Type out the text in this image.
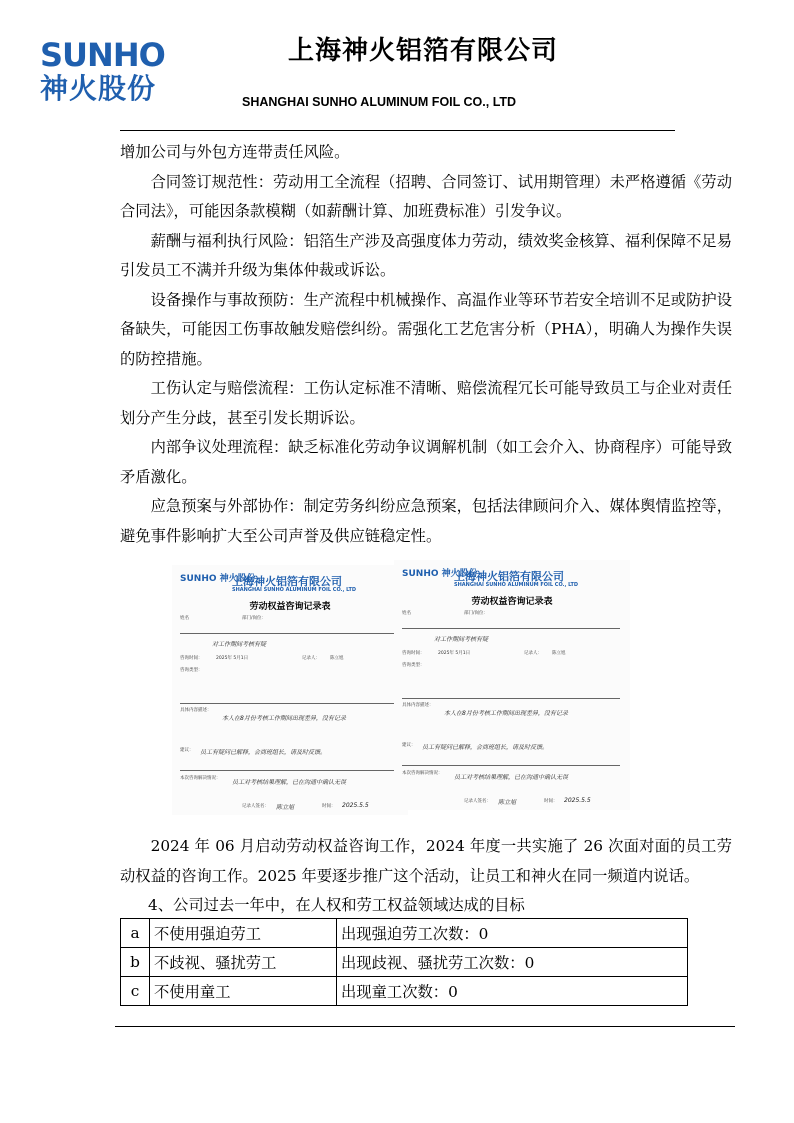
SUNHO
神火股份
上海神火铝箔有限公司
SHANGHAI SUNHO ALUMINUM FOIL CO., LTD

增加公司与外包方连带责任风险。

合同签订规范性：劳动用工全流程（招聘、合同签订、试用期管理）未严格遵循《劳动合同法》，可能因条款模糊（如薪酬计算、加班费标准）引发争议。

薪酬与福利执行风险：铝箔生产涉及高强度体力劳动，绩效奖金核算、福利保障不足易引发员工不满并升级为集体仲裁或诉讼。

设备操作与事故预防：生产流程中机械操作、高温作业等环节若安全培训不足或防护设备缺失，可能因工伤事故触发赔偿纠纷。需强化工艺危害分析（PHA），明确人为操作失误的防控措施。

工伤认定与赔偿流程：工伤认定标准不清晰、赔偿流程冗长可能导致员工与企业对责任划分产生分歧，甚至引发长期诉讼。

内部争议处理流程：缺乏标准化劳动争议调解机制（如工会介入、协商程序）可能导致矛盾激化。

应急预案与外部协作：制定劳务纠纷应急预案，包括法律顾问介入、媒体舆情监控等，避免事件影响扩大至公司声誉及供应链稳定性。

SUNHO 神火股份
上海神火铝箔有限公司
SHANGHAI SUNHO ALUMINUM FOIL CO., LTD
劳动权益咨询记录表
姓名	部门/岗位：
对工作期间考核有疑
咨询时间：	2025年 5月1日	记录人： 陈立旭
咨询类型：
具体内容描述：
本人在8月份考核工作期间出现差异，没有记录
建议： 员工有疑问已解释，会商班组长，请及时反馈。
本次咨询解决情况：
员工对考核结果理解，已在沟通中确认无误
记录人签名： 陈立旭	时间： 2025.5.5
SUNHO 神火股份
上海神火铝箔有限公司
SHANGHAI SUNHO ALUMINUM FOIL CO., LTD
劳动权益咨询记录表
姓名	部门/岗位：
对工作期间考核有疑
咨询时间：	2025年 5月1日	记录人： 陈立旭
咨询类型：
具体内容描述：
本人在8月份考核工作期间出现差异，没有记录
建议： 员工有疑问已解释，会商班组长，请及时反馈。
本次咨询解决情况：
员工对考核结果理解，已在沟通中确认无误
记录人签名： 陈立旭	时间： 2025.5.5

2024 年 06 月启动劳动权益咨询工作，2024 年度一共实施了 26 次面对面的员工劳动权益的咨询工作。2025 年要逐步推广这个活动，让员工和神火在同一频道内说话。

4、公司过去一年中，在人权和劳工权益领域达成的目标
a	不使用强迫劳工	出现强迫劳工次数：0
b	不歧视、骚扰劳工	出现歧视、骚扰劳工次数：0
c	不使用童工	出现童工次数：0
